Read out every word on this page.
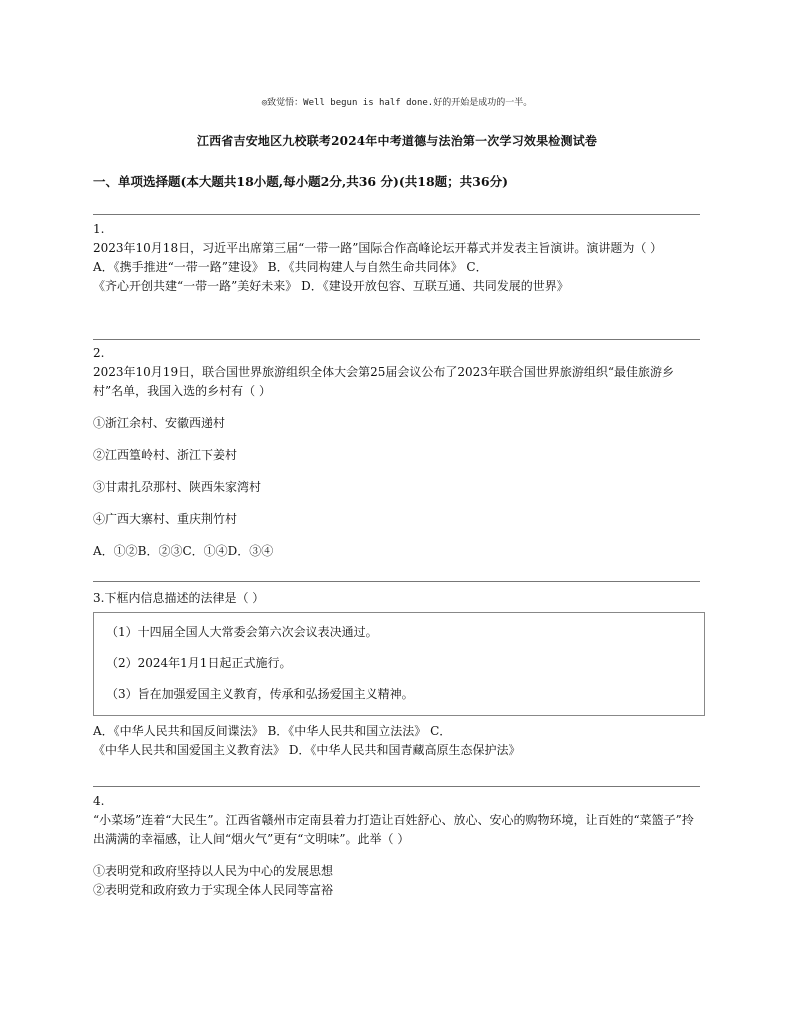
◎致觉悟：Well begun is half done.好的开始是成功的一半。
江西省吉安地区九校联考2024年中考道德与法治第一次学习效果检测试卷
一、单项选择题(本大题共18小题,每小题2分,共36 分)(共18题；共36分)

1.

2023年10月18日，习近平出席第三届“一带一路”国际合作高峰论坛开幕式并发表主旨演讲。演讲题为（ ）

A．《携手推进“一带一路”建设》 B．《共同构建人与自然生命共同体》 C．

《齐心开创共建“一带一路”美好未来》 D．《建设开放包容、互联互通、共同发展的世界》

2.

2023年10月19日，联合国世界旅游组织全体大会第25届会议公布了2023年联合国世界旅游组织“最佳旅游乡村”名单，我国入选的乡村有（ ）

①浙江余村、安徽西递村

②江西篁岭村、浙江下姜村

③甘肃扎尕那村、陕西朱家湾村

④广西大寨村、重庆荆竹村

A．①②B．②③C．①④D．③④

3.下框内信息描述的法律是（ ）

（1）十四届全国人大常委会第六次会议表决通过。

（2）2024年1月1日起正式施行。

（3）旨在加强爱国主义教育，传承和弘扬爱国主义精神。

A．《中华人民共和国反间谍法》 B．《中华人民共和国立法法》 C．

《中华人民共和国爱国主义教育法》 D．《中华人民共和国青藏高原生态保护法》

4.

“小菜场”连着“大民生”。江西省赣州市定南县着力打造让百姓舒心、放心、安心的购物环境，让百姓的“菜篮子”拎出满满的幸福感，让人间“烟火气”更有“文明味”。此举（ ）

①表明党和政府坚持以人民为中心的发展思想

②表明党和政府致力于实现全体人民同等富裕
